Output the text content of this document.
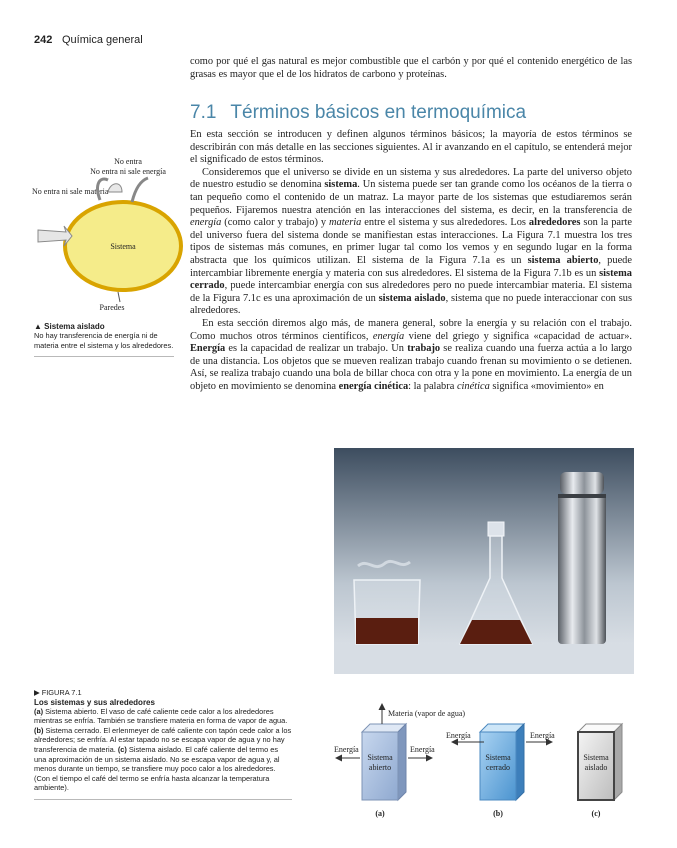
242 Química general

como por qué el gas natural es mejor combustible que el carbón y por qué el contenido energético de las grasas es mayor que el de los hidratos de carbono y proteínas.

7.1 Términos básicos en termoquímica

En esta sección se introducen y definen algunos términos básicos; la mayoría de estos términos se describirán con más detalle en las secciones siguientes. Al ir avanzando en el capítulo, se entenderá mejor el significado de estos términos.

Consideremos que el universo se divide en un sistema y sus alrededores. La parte del universo objeto de nuestro estudio se denomina sistema. Un sistema puede ser tan grande como los océanos de la tierra o tan pequeño como el contenido de un matraz. La mayor parte de los sistemas que estudiaremos serán pequeños. Fijaremos nuestra atención en las interacciones del sistema, es decir, en la transferencia de energía (como calor y trabajo) y materia entre el sistema y sus alrededores. Los alrededores son la parte del universo fuera del sistema donde se manifiestan estas interacciones. La Figura 7.1 muestra los tres tipos de sistemas más comunes, en primer lugar tal como los vemos y en segundo lugar en la forma abstracta que los químicos utilizan. El sistema de la Figura 7.1a es un sistema abierto, puede intercambiar libremente energía y materia con sus alrededores. El sistema de la Figura 7.1b es un sistema cerrado, puede intercambiar energía con sus alrededores pero no puede intercambiar materia. El sistema de la Figura 7.1c es una aproximación de un sistema aislado, sistema que no puede interaccionar con sus alrededores.

En esta sección diremos algo más, de manera general, sobre la energía y su relación con el trabajo. Como muchos otros términos científicos, energía viene del griego y significa «capacidad de actuar». Energía es la capacidad de realizar un trabajo. Un trabajo se realiza cuando una fuerza actúa a lo largo de una distancia. Los objetos que se mueven realizan trabajo cuando frenan su movimiento o se detienen. Así, se realiza trabajo cuando una bola de billar choca con otra y la pone en movimiento. La energía de un objeto en movimiento se denomina energía cinética: la palabra cinética significa «movimiento» en

No entra
No entra ni sale energía
No entra ni sale materia
Sistema
Paredes
▲ Sistema aislado
No hay transferencia de energía ni de materia entre el sistema y los alrededores.
▶ FIGURA 7.1
Los sistemas y sus alrededores
(a) Sistema abierto. El vaso de café caliente cede calor a los alrededores mientras se enfría. También se transfiere materia en forma de vapor de agua. (b) Sistema cerrado. El erlenmeyer de café caliente con tapón cede calor a los alrededores; se enfría. Al estar tapado no se escapa vapor de agua y no hay transferencia de materia. (c) Sistema aislado. El café caliente del termo es una aproximación de un sistema aislado. No se escapa vapor de agua y, al menos durante un tiempo, se transfiere muy poco calor a los alrededores. (Con el tiempo el café del termo se enfría hasta alcanzar la temperatura ambiente).
Sistema
abierto
Materia (vapor de agua)
Energía	Energía
(a)
Sistema
cerrado
Energía	Energía
(b)
Sistema
aislado
(c)
